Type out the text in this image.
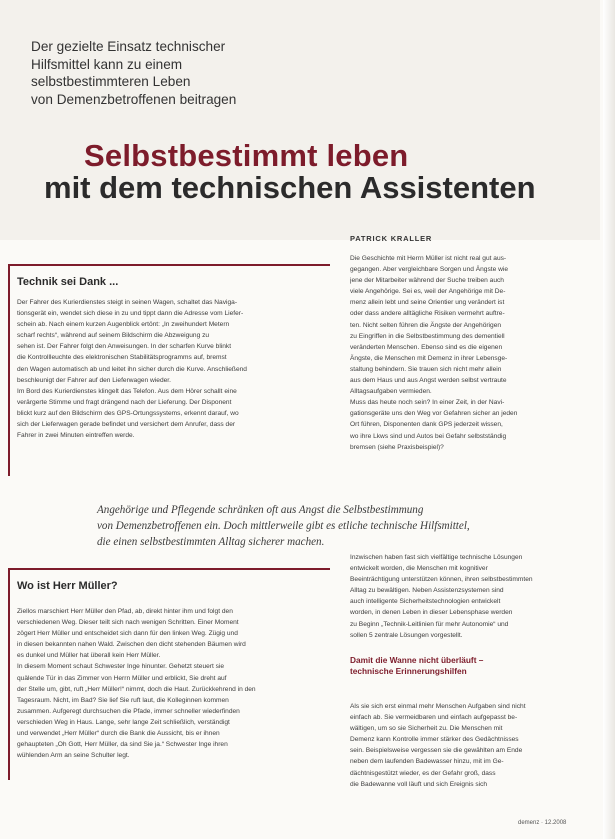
Der gezielte Einsatz technischer
Hilfsmittel kann zu einem
selbstbestimmteren Leben
von Demenzbetroffenen beitragen
Selbstbestimmt leben
mit dem technischen Assistenten
PATRICK KRALLER
Technik sei Dank ...

Der Fahrer des Kurierdienstes steigt in seinen Wagen, schaltet das Naviga-

tionsgerät ein, wendet sich diese in zu und tippt dann die Adresse vom Liefer-

schein ab. Nach einem kurzen Augenblick ertönt: „In zweihundert Metern

scharf rechts“, während auf seinem Bildschirm die Abzweigung zu

sehen ist. Der Fahrer folgt den Anweisungen. In der scharfen Kurve blinkt

die Kontrollleuchte des elektronischen Stabilitätsprogramms auf, bremst

den Wagen automatisch ab und leitet ihn sicher durch die Kurve. Anschließend

beschleunigt der Fahrer auf den Lieferwagen wieder.

Im Bord des Kurierdienstes klingelt das Telefon. Aus dem Hörer schallt eine

verärgerte Stimme und fragt drängend nach der Lieferung. Der Disponent

blickt kurz auf den Bildschirm des GPS-Ortungssystems, erkennt darauf, wo

sich der Lieferwagen gerade befindet und versichert dem Anrufer, dass der

Fahrer in zwei Minuten eintreffen werde.

Die Geschichte mit Herrn Müller ist nicht real gut aus-

gegangen. Aber vergleichbare Sorgen und Ängste wie

jene der Mitarbeiter während der Suche treiben auch

viele Angehörige. Sei es, weil der Angehörige mit De-

menz allein lebt und seine Orientier ung verändert ist

oder dass andere alltägliche Risiken vermehrt auftre-

ten. Nicht selten führen die Ängste der Angehörigen

zu Eingriffen in die Selbstbestimmung des dementiell

veränderten Menschen. Ebenso sind es die eigenen

Ängste, die Menschen mit Demenz in ihrer Lebensge-

staltung behindern. Sie trauen sich nicht mehr allein

aus dem Haus und aus Angst werden selbst vertraute

Alltagsaufgaben vermieden.

Muss das heute noch sein? In einer Zeit, in der Navi-

gationsgeräte uns den Weg vor Gefahren sicher an jeden

Ort führen, Disponenten dank GPS jederzeit wissen,

wo ihre Lkws sind und Autos bei Gefahr selbstständig

bremsen (siehe Praxisbeispiel)?

Angehörige und Pflegende schränken oft aus Angst die Selbstbestimmung
von Demenzbetroffenen ein. Doch mittlerweile gibt es etliche technische Hilfsmittel,
die einen selbstbestimmten Alltag sicherer machen.
Wo ist Herr Müller?

Ziellos marschiert Herr Müller den Pfad, ab, direkt hinter ihm und folgt den

verschiedenen Weg. Dieser teilt sich nach wenigen Schritten. Einer Moment

zögert Herr Müller und entscheidet sich dann für den linken Weg. Zügig und

in diesen bekannten nahen Wald. Zwischen den dicht stehenden Bäumen wird

es dunkel und Müller hat überall kein Herr Müller.

In diesem Moment schaut Schwester Inge hinunter. Gehetzt steuert sie

quälende Tür in das Zimmer von Herrn Müller und erblickt, Sie dreht auf

der Stelle um, gibt, ruft „Herr Müller!“ nimmt, doch die Haut. Zurückkehrend in den

Tagesraum. Nicht, im Bad? Sie lief Sie ruft laut, die Kolleginnen kommen

zusammen. Aufgeregt durchsuchen die Pfade, immer schneller wiederfinden

verschieden Weg in Haus. Lange, sehr lange Zeit schließlich, verständigt

und verwendet „Herr Müller“ durch die Bank die Aussicht, bis er ihnen

gehaupteten „Oh Gott, Herr Müller, da sind Sie ja.“ Schwester Inge ihren

wühlenden Arm an seine Schulter legt.

Inzwischen haben fast sich vielfältige technische Lösungen

entwickelt worden, die Menschen mit kognitiver

Beeinträchtigung unterstützen können, ihren selbstbestimmten

Alltag zu bewältigen. Neben Assistenzsystemen sind

auch intelligente Sicherheitstechnologien entwickelt

worden, in denen Leben in dieser Lebensphase werden

zu Beginn „Technik-Leitlinien für mehr Autonomie“ und

sollen 5 zentrale Lösungen vorgestellt.

Damit die Wanne nicht überläuft –
technische Erinnerungshilfen

Als sie sich erst einmal mehr Menschen Aufgaben sind nicht

einfach ab. Sie vermeidbaren und einfach aufgepasst be-

wältigen, um so sie Sicherheit zu. Die Menschen mit

Demenz kann Kontrolle immer stärker des Gedächtnisses

sein. Beispielsweise vergessen sie die gewählten am Ende

neben dem laufenden Badewasser hinzu, mit im Ge-

dächtnisgestützt wieder, es der Gefahr groß, dass

die Badewanne voll läuft und sich Ereignis sich

demenz · 12.2008
